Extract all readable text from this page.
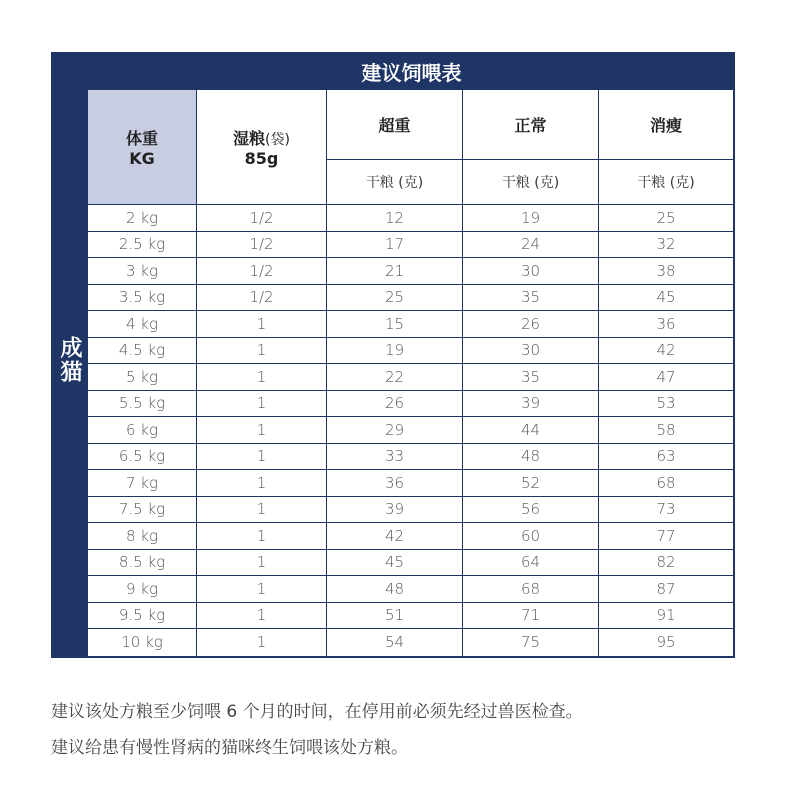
成猫
建议饲喂表
体重
KG
湿粮(袋)
85g
超重	正常	消瘦
干粮 (克)	干粮 (克)	干粮 (克)
2 kg	1/2	12	19	25
2.5 kg	1/2	17	24	32
3 kg	1/2	21	30	38
3.5 kg	1/2	25	35	45
4 kg	1	15	26	36
4.5 kg	1	19	30	42
5 kg	1	22	35	47
5.5 kg	1	26	39	53
6 kg	1	29	44	58
6.5 kg	1	33	48	63
7 kg	1	36	52	68
7.5 kg	1	39	56	73
8 kg	1	42	60	77
8.5 kg	1	45	64	82
9 kg	1	48	68	87
9.5 kg	1	51	71	91
10 kg	1	54	75	95
建议该处方粮至少饲喂 6 个月的时间，在停用前必须先经过兽医检查。
建议给患有慢性肾病的猫咪终生饲喂该处方粮。
